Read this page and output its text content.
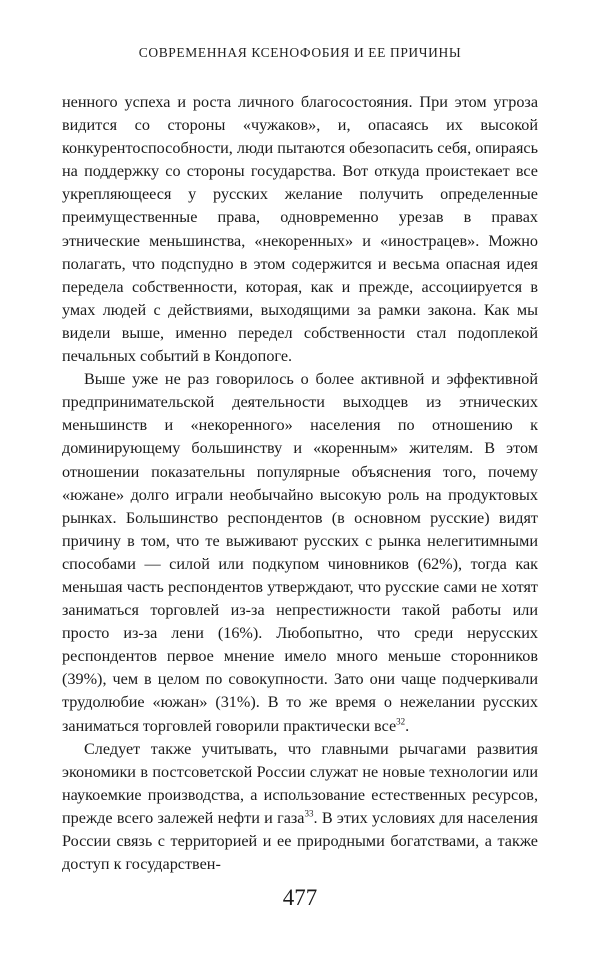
СОВРЕМЕННАЯ КСЕНОФОБИЯ И ЕЕ ПРИЧИНЫ

ненного успеха и роста личного благосостояния. При этом угроза видится со стороны «чужаков», и, опасаясь их высокой конкурентоспособности, люди пытаются обезопасить себя, опираясь на поддержку со стороны государства. Вот откуда проистекает все укрепляющееся у русских желание получить определенные преимущественные права, одновременно урезав в правах этнические меньшинства, «некоренных» и «инострацев». Можно полагать, что подспудно в этом содержится и весьма опасная идея передела собственности, которая, как и прежде, ассоциируется в умах людей с действиями, выходящими за рамки закона. Как мы видели выше, именно передел собственности стал подоплекой печальных событий в Кондопоге.

Выше уже не раз говорилось о более активной и эффективной предпринимательской деятельности выходцев из этнических меньшинств и «некоренного» населения по отношению к доминирующему большинству и «коренным» жителям. В этом отношении показательны популярные объяснения того, почему «южане» долго играли необычайно высокую роль на продуктовых рынках. Большинство респондентов (в основном русские) видят причину в том, что те выживают русских с рынка нелегитимными способами — силой или подкупом чиновников (62%), тогда как меньшая часть респондентов утверждают, что русские сами не хотят заниматься торговлей из-за непрестижности такой работы или просто из-за лени (16%). Любопытно, что среди нерусских респондентов первое мнение имело много меньше сторонников (39%), чем в целом по совокупности. Зато они чаще подчеркивали трудолюбие «южан» (31%). В то же время о нежелании русских заниматься торговлей говорили практически все$^{32}$.

Следует также учитывать, что главными рычагами развития экономики в постсоветской России служат не новые технологии или наукоемкие производства, а использование естественных ресурсов, прежде всего залежей нефти и газа$^{33}$. В этих условиях для населения России связь с территорией и ее природными богатствами, а также доступ к государствен-

477
